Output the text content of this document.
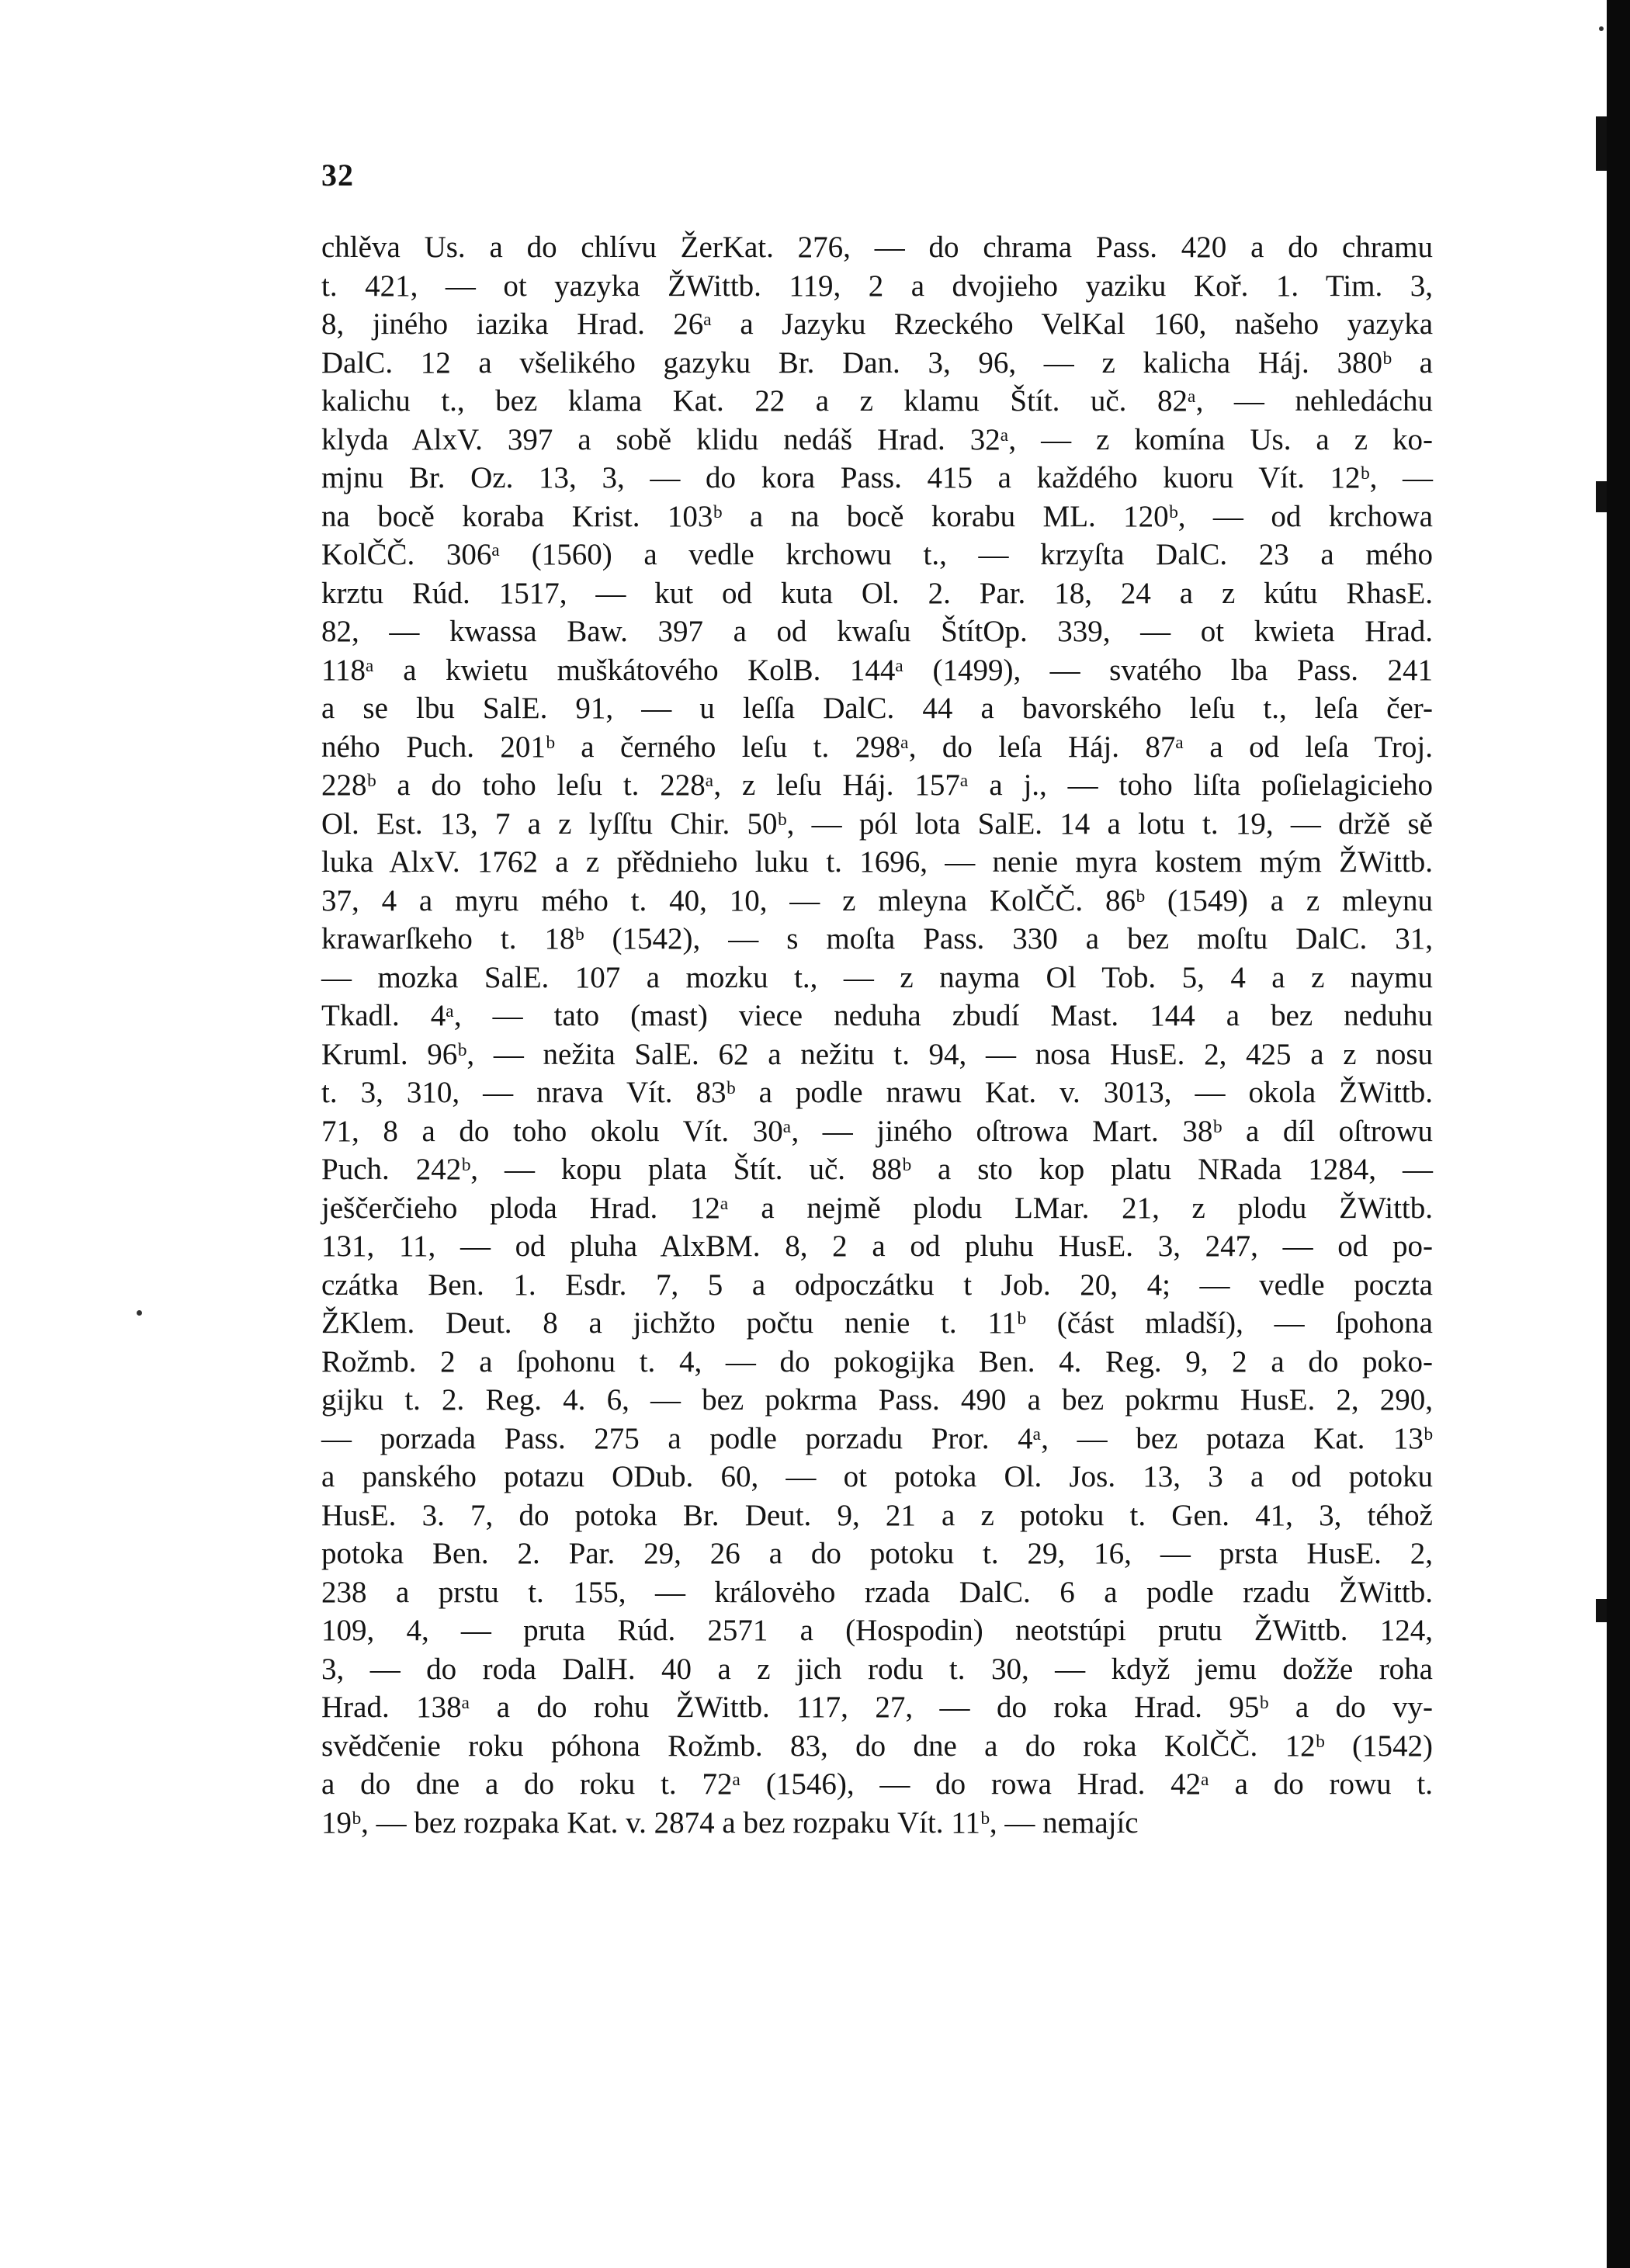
32
chlěva Us. a do chlívu ŽerKat. 276, — do chrama Pass. 420 a do chramu
t. 421, — ot yazyka ŽWittb. 119, 2 a dvojieho yaziku Koř. 1. Tim. 3,
8, jiného iazika Hrad. 26ᵃ a Jazyku Rzeckého VelKal 160, našeho yazyka
DalC. 12 a všelikého gazyku Br. Dan. 3, 96, — z kalicha Háj. 380ᵇ a
kalichu t., bez klama Kat. 22 a z klamu Štít. uč. 82ᵃ, — nehledáchu
klyda AlxV. 397 a sobě klidu nedáš Hrad. 32ᵃ, — z komína Us. a z ko-
mjnu Br. Oz. 13, 3, — do kora Pass. 415 a každého kuoru Vít. 12ᵇ, —
na bocě koraba Krist. 103ᵇ a na bocě korabu ML. 120ᵇ, — od krchowa
KolČČ. 306ᵃ (1560) a vedle krchowu t., — krzyſta DalC. 23 a mého
krztu Rúd. 1517, — kut od kuta Ol. 2. Par. 18, 24 a z kútu RhasE.
82, — kwassa Baw. 397 a od kwaſu ŠtítOp. 339, — ot kwieta Hrad.
118ᵃ a kwietu muškátového KolB. 144ᵃ (1499), — svatého lba Pass. 241
a se lbu SalE. 91, — u leſſa DalC. 44 a bavorského leſu t., leſa čer-
ného Puch. 201ᵇ a černého leſu t. 298ᵃ, do leſa Háj. 87ᵃ a od leſa Troj.
228ᵇ a do toho leſu t. 228ᵃ, z leſu Háj. 157ᵃ a j., — toho liſta poſielagicieho
Ol. Est. 13, 7 a z lyſſtu Chir. 50ᵇ, — pól lota SalE. 14 a lotu t. 19, — držě sě
luka AlxV. 1762 a z přědnieho luku t. 1696, — nenie myra kostem mým ŽWittb.
37, 4 a myru mého t. 40, 10, — z mleyna KolČČ. 86ᵇ (1549) a z mleynu
krawarſkeho t. 18ᵇ (1542), — s moſta Pass. 330 a bez moſtu DalC. 31,
— mozka SalE. 107 a mozku t., — z nayma Ol Tob. 5, 4 a z naymu
Tkadl. 4ᵃ, — tato (mast) viece neduha zbudí Mast. 144 a bez neduhu
Kruml. 96ᵇ, — nežita SalE. 62 a nežitu t. 94, — nosa HusE. 2, 425 a z nosu
t. 3, 310, — nrava Vít. 83ᵇ a podle nrawu Kat. v. 3013, — okola ŽWittb.
71, 8 a do toho okolu Vít. 30ᵃ, — jiného oſtrowa Mart. 38ᵇ a díl oſtrowu
Puch. 242ᵇ, — kopu plata Štít. uč. 88ᵇ a sto kop platu NRada 1284, —
ješčerčieho ploda Hrad. 12ᵃ a nejmě plodu LMar. 21, z plodu ŽWittb.
131, 11, — od pluha AlxBM. 8, 2 a od pluhu HusE. 3, 247, — od po-
czátka Ben. 1. Esdr. 7, 5 a odpoczátku t Job. 20, 4; — vedle poczta
ŽKlem. Deut. 8 a jichžto počtu nenie t. 11ᵇ (část mladší), — ſpohona
Rožmb. 2 a ſpohonu t. 4, — do pokogijka Ben. 4. Reg. 9, 2 a do poko-
gijku t. 2. Reg. 4. 6, — bez pokrma Pass. 490 a bez pokrmu HusE. 2, 290,
— porzada Pass. 275 a podle porzadu Pror. 4ᵃ, — bez potaza Kat. 13ᵇ
a panského potazu ODub. 60, — ot potoka Ol. Jos. 13, 3 a od potoku
HusE. 3. 7, do potoka Br. Deut. 9, 21 a z potoku t. Gen. 41, 3, téhož
potoka Ben. 2. Par. 29, 26 a do potoku t. 29, 16, — prsta HusE. 2,
238 a prstu t. 155, — královėho rzada DalC. 6 a podle rzadu ŽWittb.
109, 4, — pruta Rúd. 2571 a (Hospodin) neotstúpi prutu ŽWittb. 124,
3, — do roda DalH. 40 a z jich rodu t. 30, — když jemu dožže roha
Hrad. 138ᵃ a do rohu ŽWittb. 117, 27, — do roka Hrad. 95ᵇ a do vy-
svědčenie roku póhona Rožmb. 83, do dne a do roka KolČČ. 12ᵇ (1542)
a do dne a do roku t. 72ᵃ (1546), — do rowa Hrad. 42ᵃ a do rowu t.
19ᵇ, — bez rozpaka Kat. v. 2874 a bez rozpaku Vít. 11ᵇ, — nemajíc
